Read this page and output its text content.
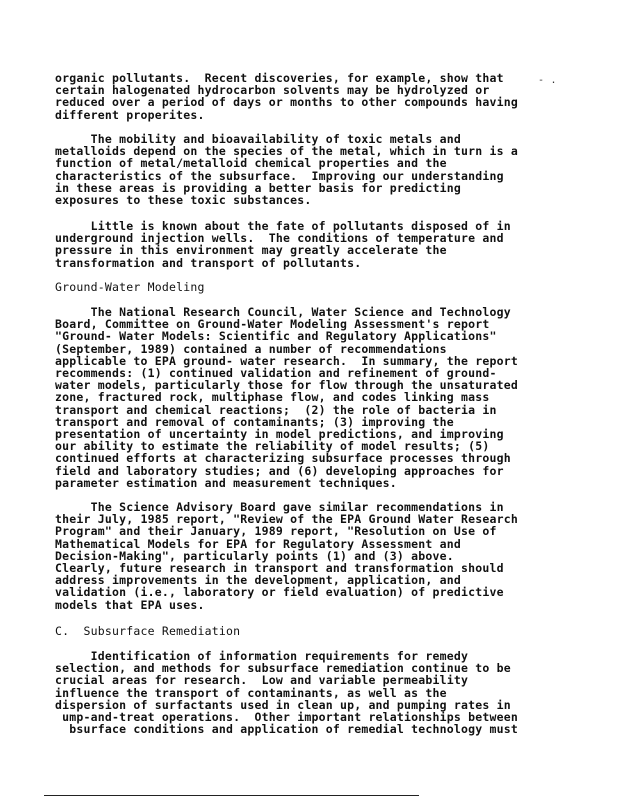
organic pollutants.  Recent discoveries, for example, show that
certain halogenated hydrocarbon solvents may be hydrolyzed or
reduced over a period of days or months to other compounds having
different properites.
The mobility and bioavailability of toxic metals and
metalloids depend on the species of the metal, which in turn is a
function of metal/metalloid chemical properties and the
characteristics of the subsurface.  Improving our understanding
in these areas is providing a better basis for predicting
exposures to these toxic substances.
Little is known about the fate of pollutants disposed of in
underground injection wells.  The conditions of temperature and
pressure in this environment may greatly accelerate the
transformation and transport of pollutants.
The National Research Council, Water Science and Technology
Board, Committee on Ground-Water Modeling Assessment's report
"Ground- Water Models: Scientific and Regulatory Applications"
(September, 1989) contained a number of recommendations
applicable to EPA ground- water research.  In summary, the report
recommends: (1) continued validation and refinement of ground-
water models, particularly those for flow through the unsaturated
zone, fractured rock, multiphase flow, and codes linking mass
transport and chemical reactions;  (2) the role of bacteria in
transport and removal of contaminants; (3) improving the
presentation of uncertainty in model predictions, and improving
our ability to estimate the reliability of model results; (5)
continued efforts at characterizing subsurface processes through
field and laboratory studies; and (6) developing approaches for
parameter estimation and measurement techniques.
The Science Advisory Board gave similar recommendations in
their July, 1985 report, "Review of the EPA Ground Water Research
Program" and their January, 1989 report, "Resolution on Use of
Mathematical Models for EPA for Regulatory Assessment and
Decision-Making", particularly points (1) and (3) above.
Clearly, future research in transport and transformation should
address improvements in the development, application, and
validation (i.e., laboratory or field evaluation) of predictive
models that EPA uses.
Identification of information requirements for remedy
selection, and methods for subsurface remediation continue to be
crucial areas for research.  Low and variable permeability
influence the transport of contaminants, as well as the
dispersion of surfactants used in clean up, and pumping rates in
ump-and-treat operations.  Other important relationships between
bsurface conditions and application of remedial technology must
Ground-Water Modeling
C.  Subsurface Remediation
- .
